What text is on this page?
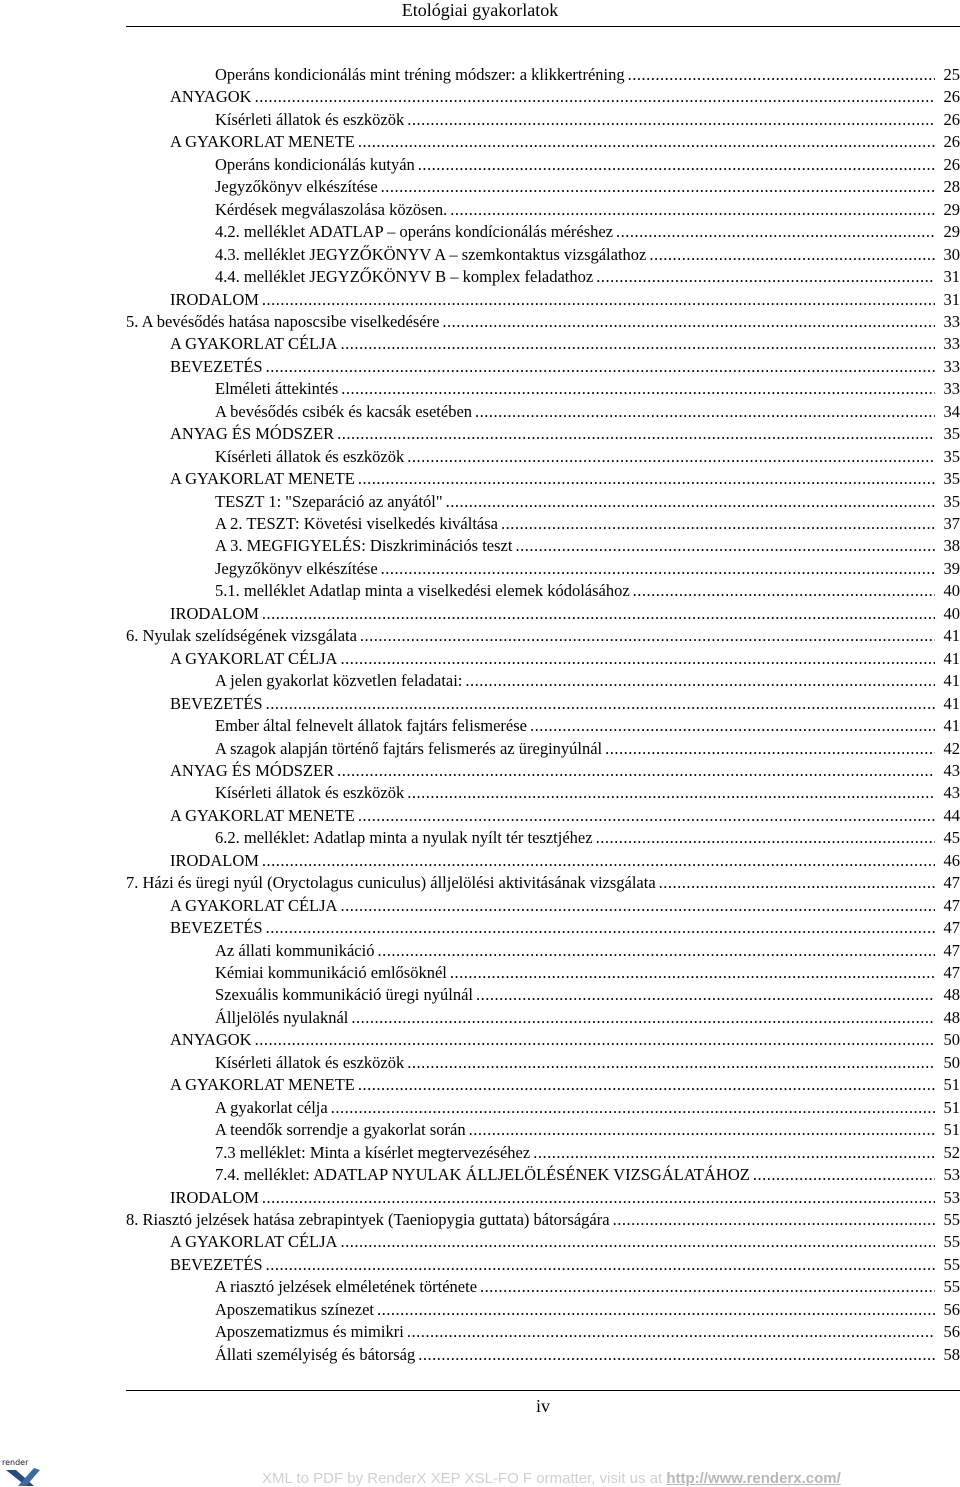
Etológiai gyakorlatok
Operáns kondicionálás mint tréning módszer: a klikkertréning .....	25
ANYAGOK .....	26
Kísérleti állatok és eszközök .....	26
A GYAKORLAT MENETE .....	26
Operáns kondicionálás kutyán .....	26
Jegyzőkönyv elkészítése .....	28
Kérdések megválaszolása közösen. .....	29
4.2. melléklet ADATLAP – operáns kondícionálás méréshez .....	29
4.3. melléklet JEGYZŐKÖNYV A – szemkontaktus vizsgálathoz .....	30
4.4. melléklet JEGYZŐKÖNYV B – komplex feladathoz .....	31
IRODALOM .....	31
5. A bevésődés hatása naposcsibe viselkedésére .....	33
A GYAKORLAT CÉLJA .....	33
BEVEZETÉS .....	33
Elméleti áttekintés .....	33
A bevésődés csibék és kacsák esetében .....	34
ANYAG ÉS MÓDSZER .....	35
Kísérleti állatok és eszközök .....	35
A GYAKORLAT MENETE .....	35
TESZT 1: "Szeparáció az anyától" .....	35
A 2. TESZT: Követési viselkedés kiváltása .....	37
A 3. MEGFIGYELÉS: Diszkriminációs teszt .....	38
Jegyzőkönyv elkészítése .....	39
5.1. melléklet Adatlap minta a viselkedési elemek kódolásához .....	40
IRODALOM .....	40
6. Nyulak szelídségének vizsgálata .....	41
A GYAKORLAT CÉLJA .....	41
A jelen gyakorlat közvetlen feladatai: .....	41
BEVEZETÉS .....	41
Ember által felnevelt állatok fajtárs felismerése .....	41
A szagok alapján történő fajtárs felismerés az üreginyúlnál .....	42
ANYAG ÉS MÓDSZER .....	43
Kísérleti állatok és eszközök .....	43
A GYAKORLAT MENETE .....	44
6.2. melléklet: Adatlap minta a nyulak nyílt tér tesztjéhez .....	45
IRODALOM .....	46
7. Házi és üregi nyúl (Oryctolagus cuniculus) álljelölési aktivitásának vizsgálata .....	47
A GYAKORLAT CÉLJA .....	47
BEVEZETÉS .....	47
Az állati kommunikáció .....	47
Kémiai kommunikáció emlősöknél .....	47
Szexuális kommunikáció üregi nyúlnál .....	48
Álljelölés nyulaknál .....	48
ANYAGOK .....	50
Kísérleti állatok és eszközök .....	50
A GYAKORLAT MENETE .....	51
A gyakorlat célja .....	51
A teendők sorrendje a gyakorlat során .....	51
7.3 melléklet: Minta a kísérlet megtervezéséhez .....	52
7.4. melléklet: ADATLAP NYULAK ÁLLJELÖLÉSÉNEK VIZSGÁLATÁHOZ .....	53
IRODALOM .....	53
8. Riasztó jelzések hatása zebrapintyek (Taeniopygia guttata) bátorságára .....	55
A GYAKORLAT CÉLJA .....	55
BEVEZETÉS .....	55
A riasztó jelzések elméletének története .....	55
Aposzematikus színezet .....	56
Aposzematizmus és mimikri .....	56
Állati személyiség és bátorság .....	58
iv
render
XML to PDF by RenderX XEP XSL-FO F ormatter, visit us at http://www.renderx.com/
